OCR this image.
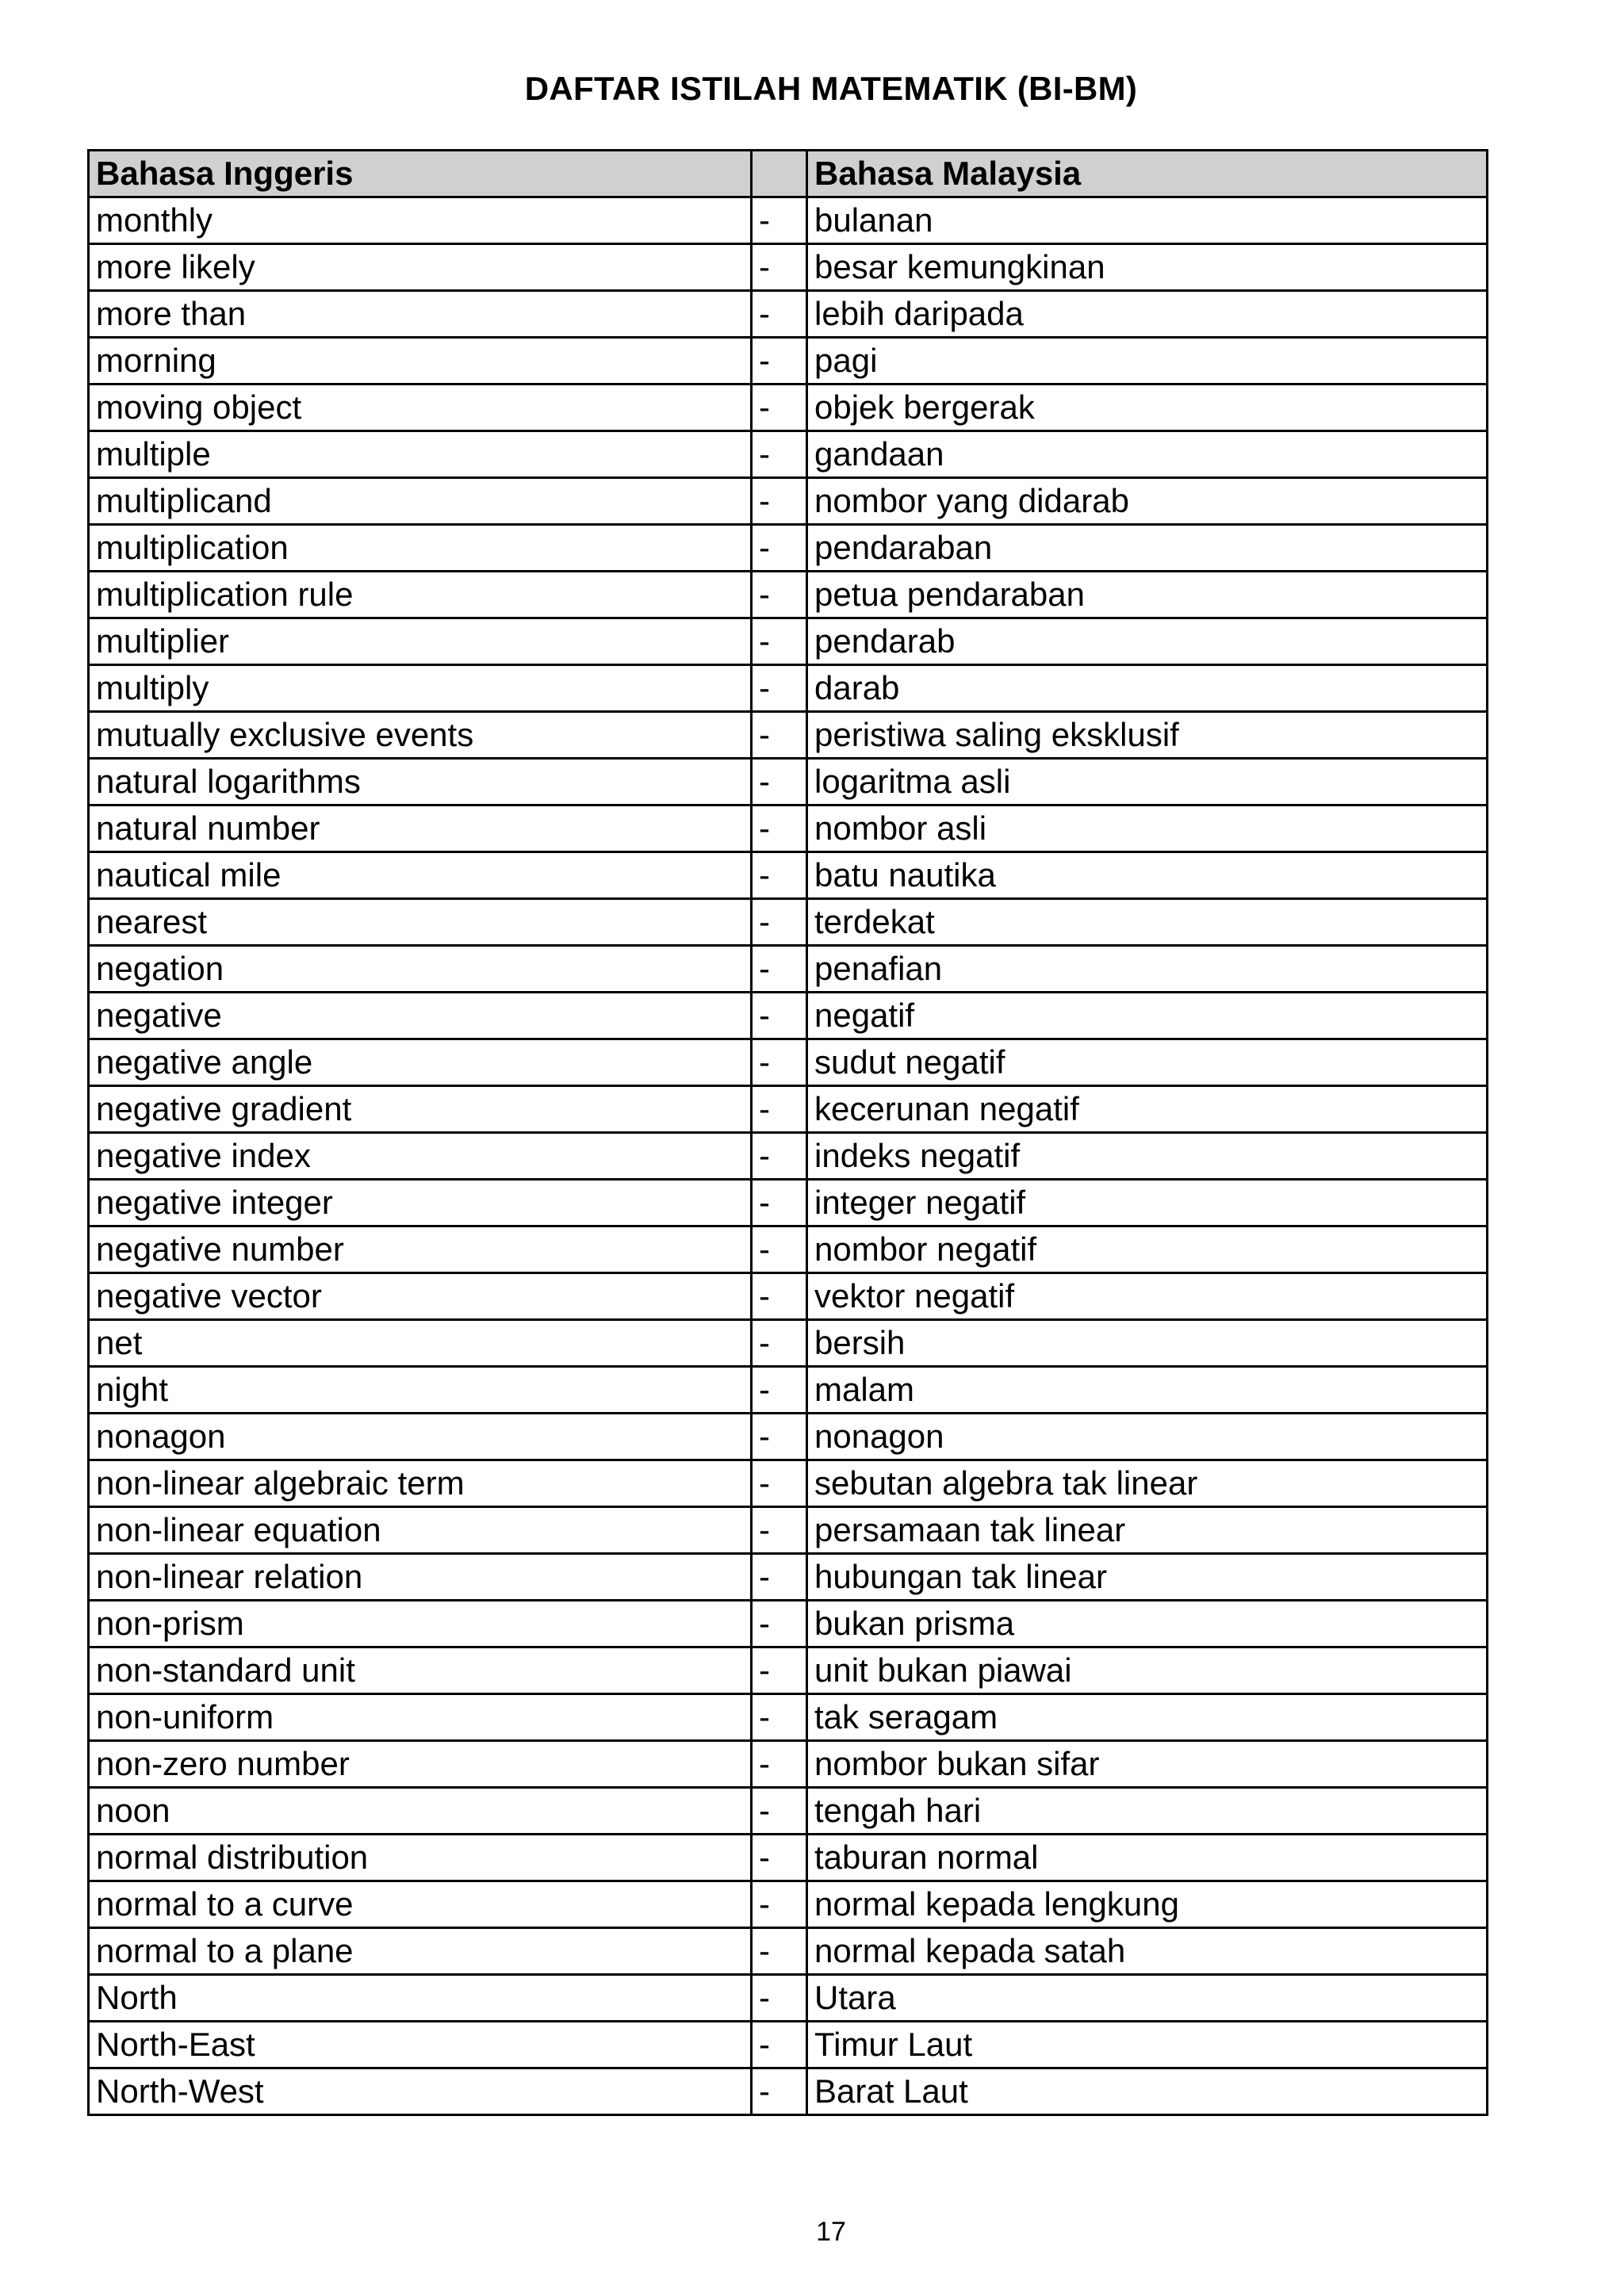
DAFTAR ISTILAH MATEMATIK (BI-BM)
Bahasa Inggeris		Bahasa Malaysia
monthly	-	bulanan
more likely	-	besar kemungkinan
more than	-	lebih daripada
morning	-	pagi
moving object	-	objek bergerak
multiple	-	gandaan
multiplicand	-	nombor yang didarab
multiplication	-	pendaraban
multiplication rule	-	petua pendaraban
multiplier	-	pendarab
multiply	-	darab
mutually exclusive events	-	peristiwa saling eksklusif
natural logarithms	-	logaritma asli
natural number	-	nombor asli
nautical mile	-	batu nautika
nearest	-	terdekat
negation	-	penafian
negative	-	negatif
negative angle	-	sudut negatif
negative gradient	-	kecerunan negatif
negative index	-	indeks negatif
negative integer	-	integer negatif
negative number	-	nombor negatif
negative vector	-	vektor negatif
net	-	bersih
night	-	malam
nonagon	-	nonagon
non-linear algebraic term	-	sebutan algebra tak linear
non-linear equation	-	persamaan tak linear
non-linear relation	-	hubungan tak linear
non-prism	-	bukan prisma
non-standard unit	-	unit bukan piawai
non-uniform	-	tak seragam
non-zero number	-	nombor bukan sifar
noon	-	tengah hari
normal distribution	-	taburan normal
normal to a curve	-	normal kepada lengkung
normal to a plane	-	normal kepada satah
North	-	Utara
North-East	-	Timur Laut
North-West	-	Barat Laut
17
